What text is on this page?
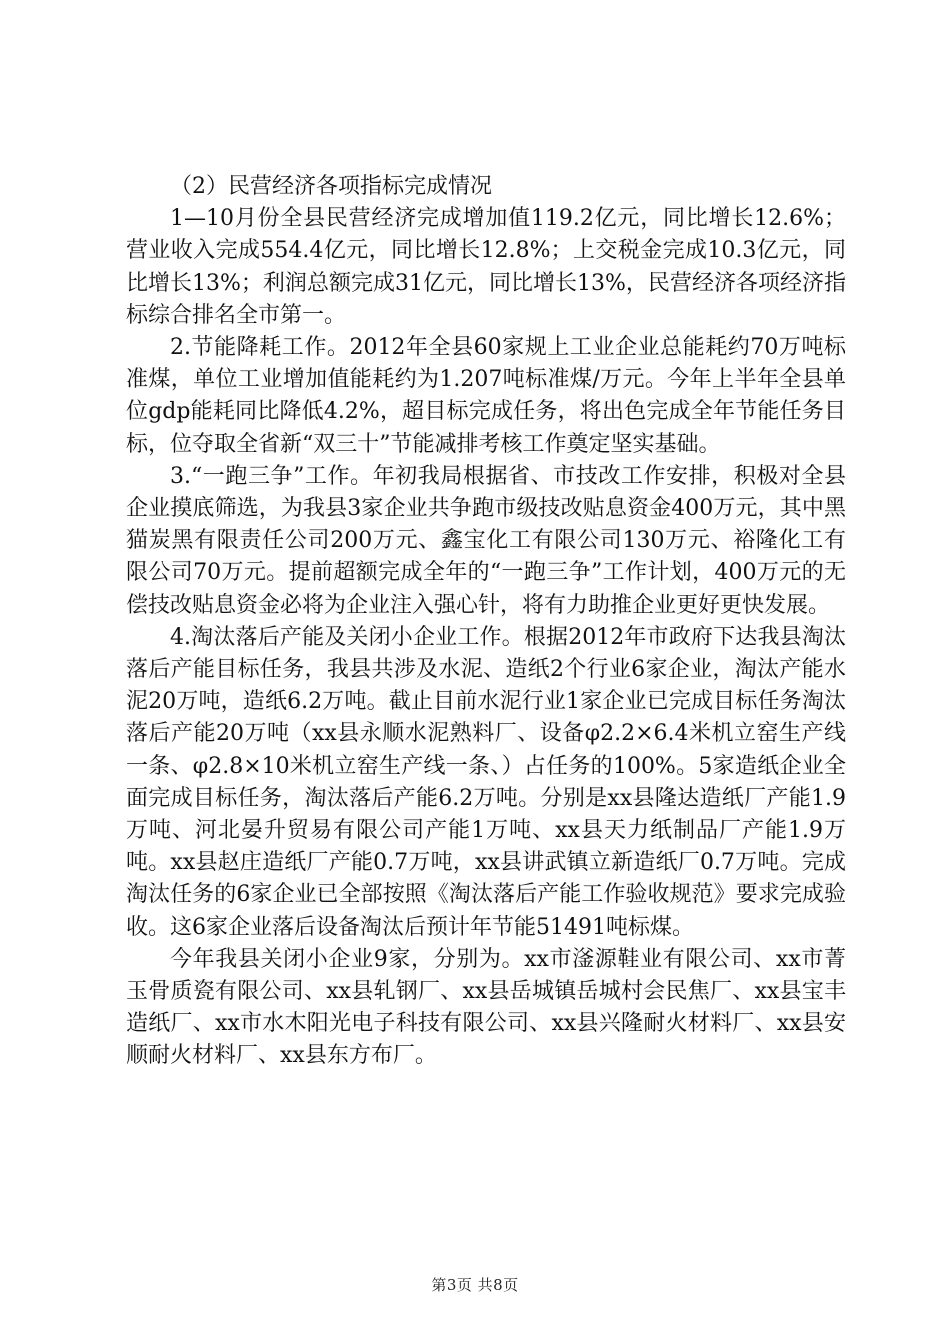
（2）民营经济各项指标完成情况

1—10月份全县民营经济完成增加值119.2亿元，同比增长12.6%；营业收入完成554.4亿元，同比增长12.8%；上交税金完成10.3亿元，同比增长13%；利润总额完成31亿元，同比增长13%，民营经济各项经济指标综合排名全市第一。

2.节能降耗工作。2012年全县60家规上工业企业总能耗约70万吨标准煤，单位工业增加值能耗约为1.207吨标准煤/万元。今年上半年全县单位gdp能耗同比降低4.2%，超目标完成任务，将出色完成全年节能任务目标，位夺取全省新“双三十”节能减排考核工作奠定坚实基础。

3.“一跑三争”工作。年初我局根据省、市技改工作安排，积极对全县企业摸底筛选，为我县3家企业共争跑市级技改贴息资金400万元，其中黑猫炭黑有限责任公司200万元、鑫宝化工有限公司130万元、裕隆化工有限公司70万元。提前超额完成全年的“一跑三争”工作计划，400万元的无偿技改贴息资金必将为企业注入强心针，将有力助推企业更好更快发展。

4.淘汰落后产能及关闭小企业工作。根据2012年市政府下达我县淘汰落后产能目标任务，我县共涉及水泥、造纸2个行业6家企业，淘汰产能水泥20万吨，造纸6.2万吨。截止目前水泥行业1家企业已完成目标任务淘汰落后产能20万吨（xx县永顺水泥熟料厂、设备φ2.2×6.4米机立窑生产线一条、φ2.8×10米机立窑生产线一条、）占任务的100%。5家造纸企业全面完成目标任务，淘汰落后产能6.2万吨。分别是xx县隆达造纸厂产能1.9万吨、河北晏升贸易有限公司产能1万吨、xx县天力纸制品厂产能1.9万吨。xx县赵庄造纸厂产能0.7万吨，xx县讲武镇立新造纸厂0.7万吨。完成淘汰任务的6家企业已全部按照《淘汰落后产能工作验收规范》要求完成验收。这6家企业落后设备淘汰后预计年节能51491吨标煤。

今年我县关闭小企业9家，分别为。xx市滏源鞋业有限公司、xx市菁玉骨质瓷有限公司、xx县轧钢厂、xx县岳城镇岳城村会民焦厂、xx县宝丰造纸厂、xx市水木阳光电子科技有限公司、xx县兴隆耐火材料厂、xx县安顺耐火材料厂、xx县东方布厂。

第3页 共8页
